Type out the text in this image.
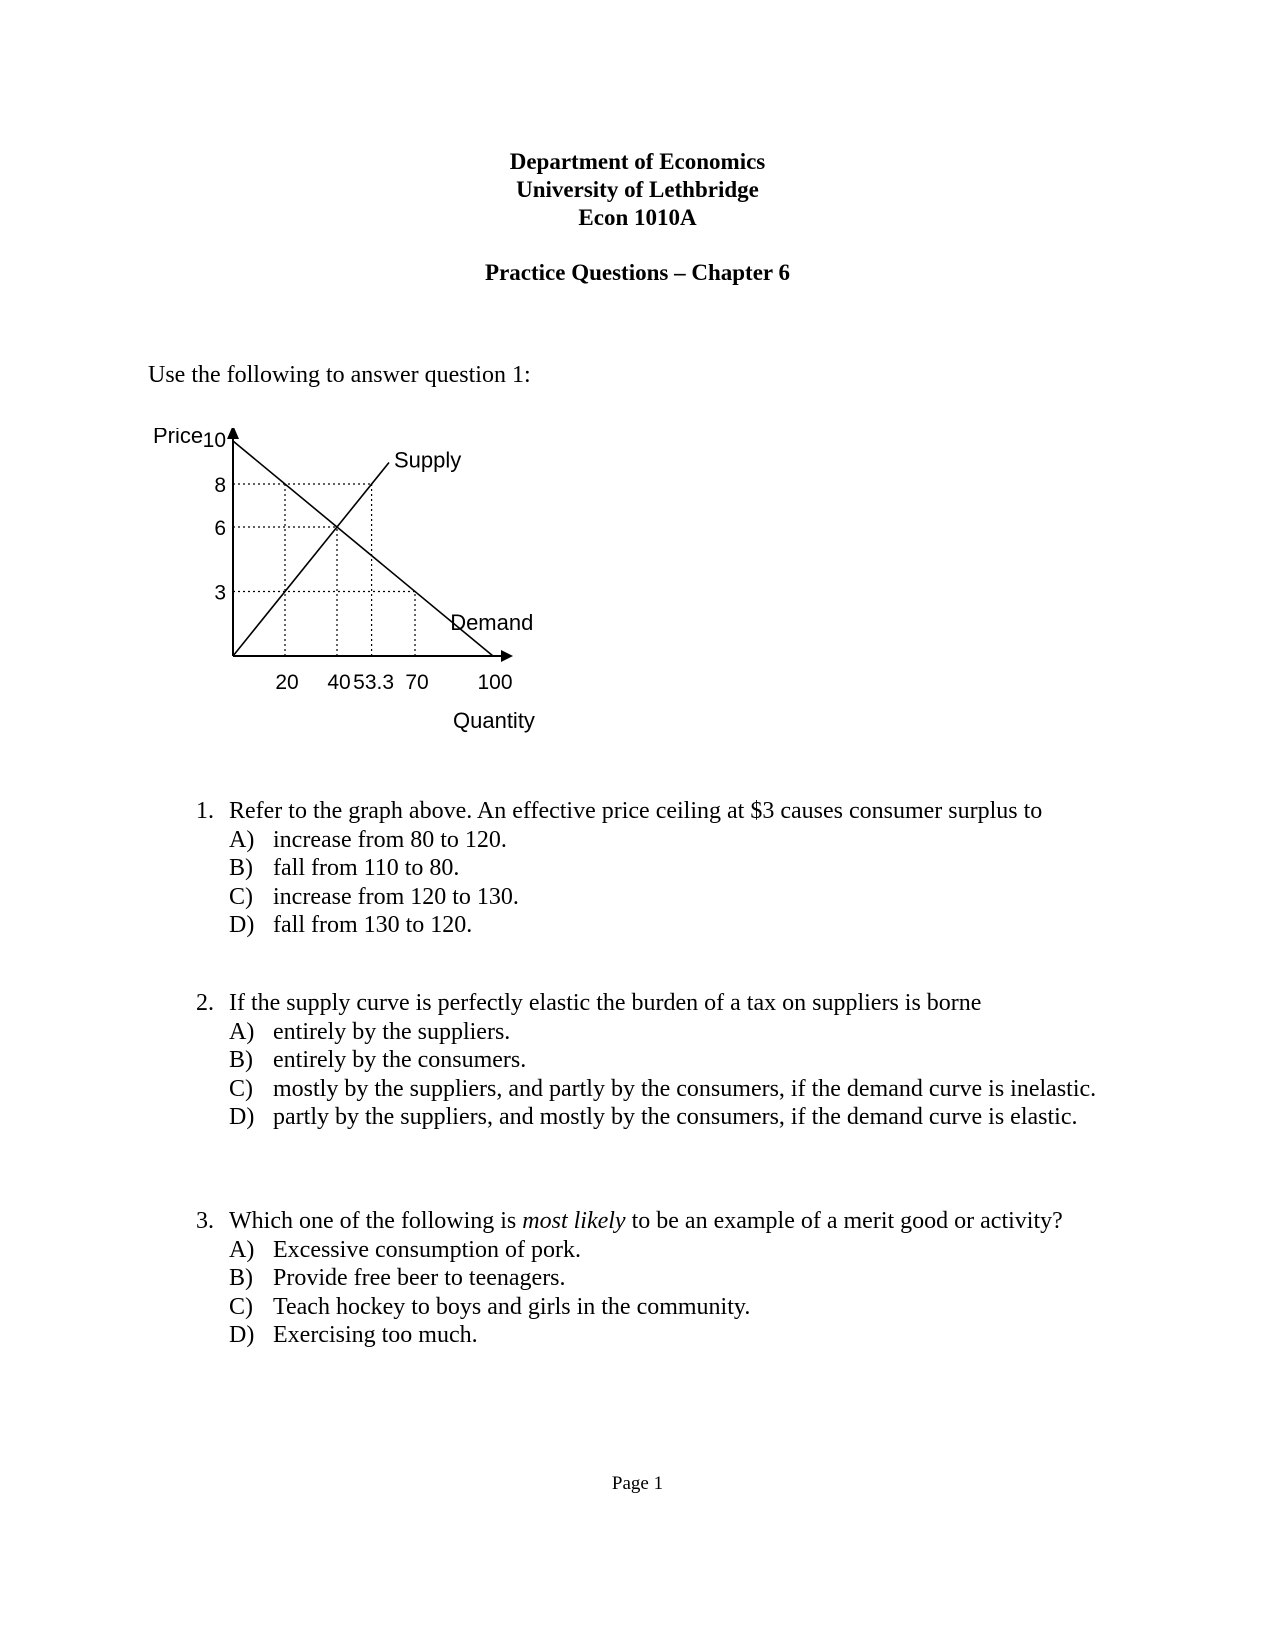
Department of Economics
University of Lethbridge
Econ 1010A
Practice Questions – Chapter 6
Use the following to answer question 1:
10
8
6
3
20 40 53.3 70 100
Price
Quantity
Supply
Demand
1. Refer to the graph above. An effective price ceiling at $3 causes consumer surplus to
A) increase from 80 to 120.
B) fall from 110 to 80.
C) increase from 120 to 130.
D) fall from 130 to 120.
2. If the supply curve is perfectly elastic the burden of a tax on suppliers is borne
A) entirely by the suppliers.
B) entirely by the consumers.
C) mostly by the suppliers, and partly by the consumers, if the demand curve is inelastic.
D) partly by the suppliers, and mostly by the consumers, if the demand curve is elastic.
3. Which one of the following is most likely to be an example of a merit good or activity?
A) Excessive consumption of pork.
B) Provide free beer to teenagers.
C) Teach hockey to boys and girls in the community.
D) Exercising too much.
Page 1
